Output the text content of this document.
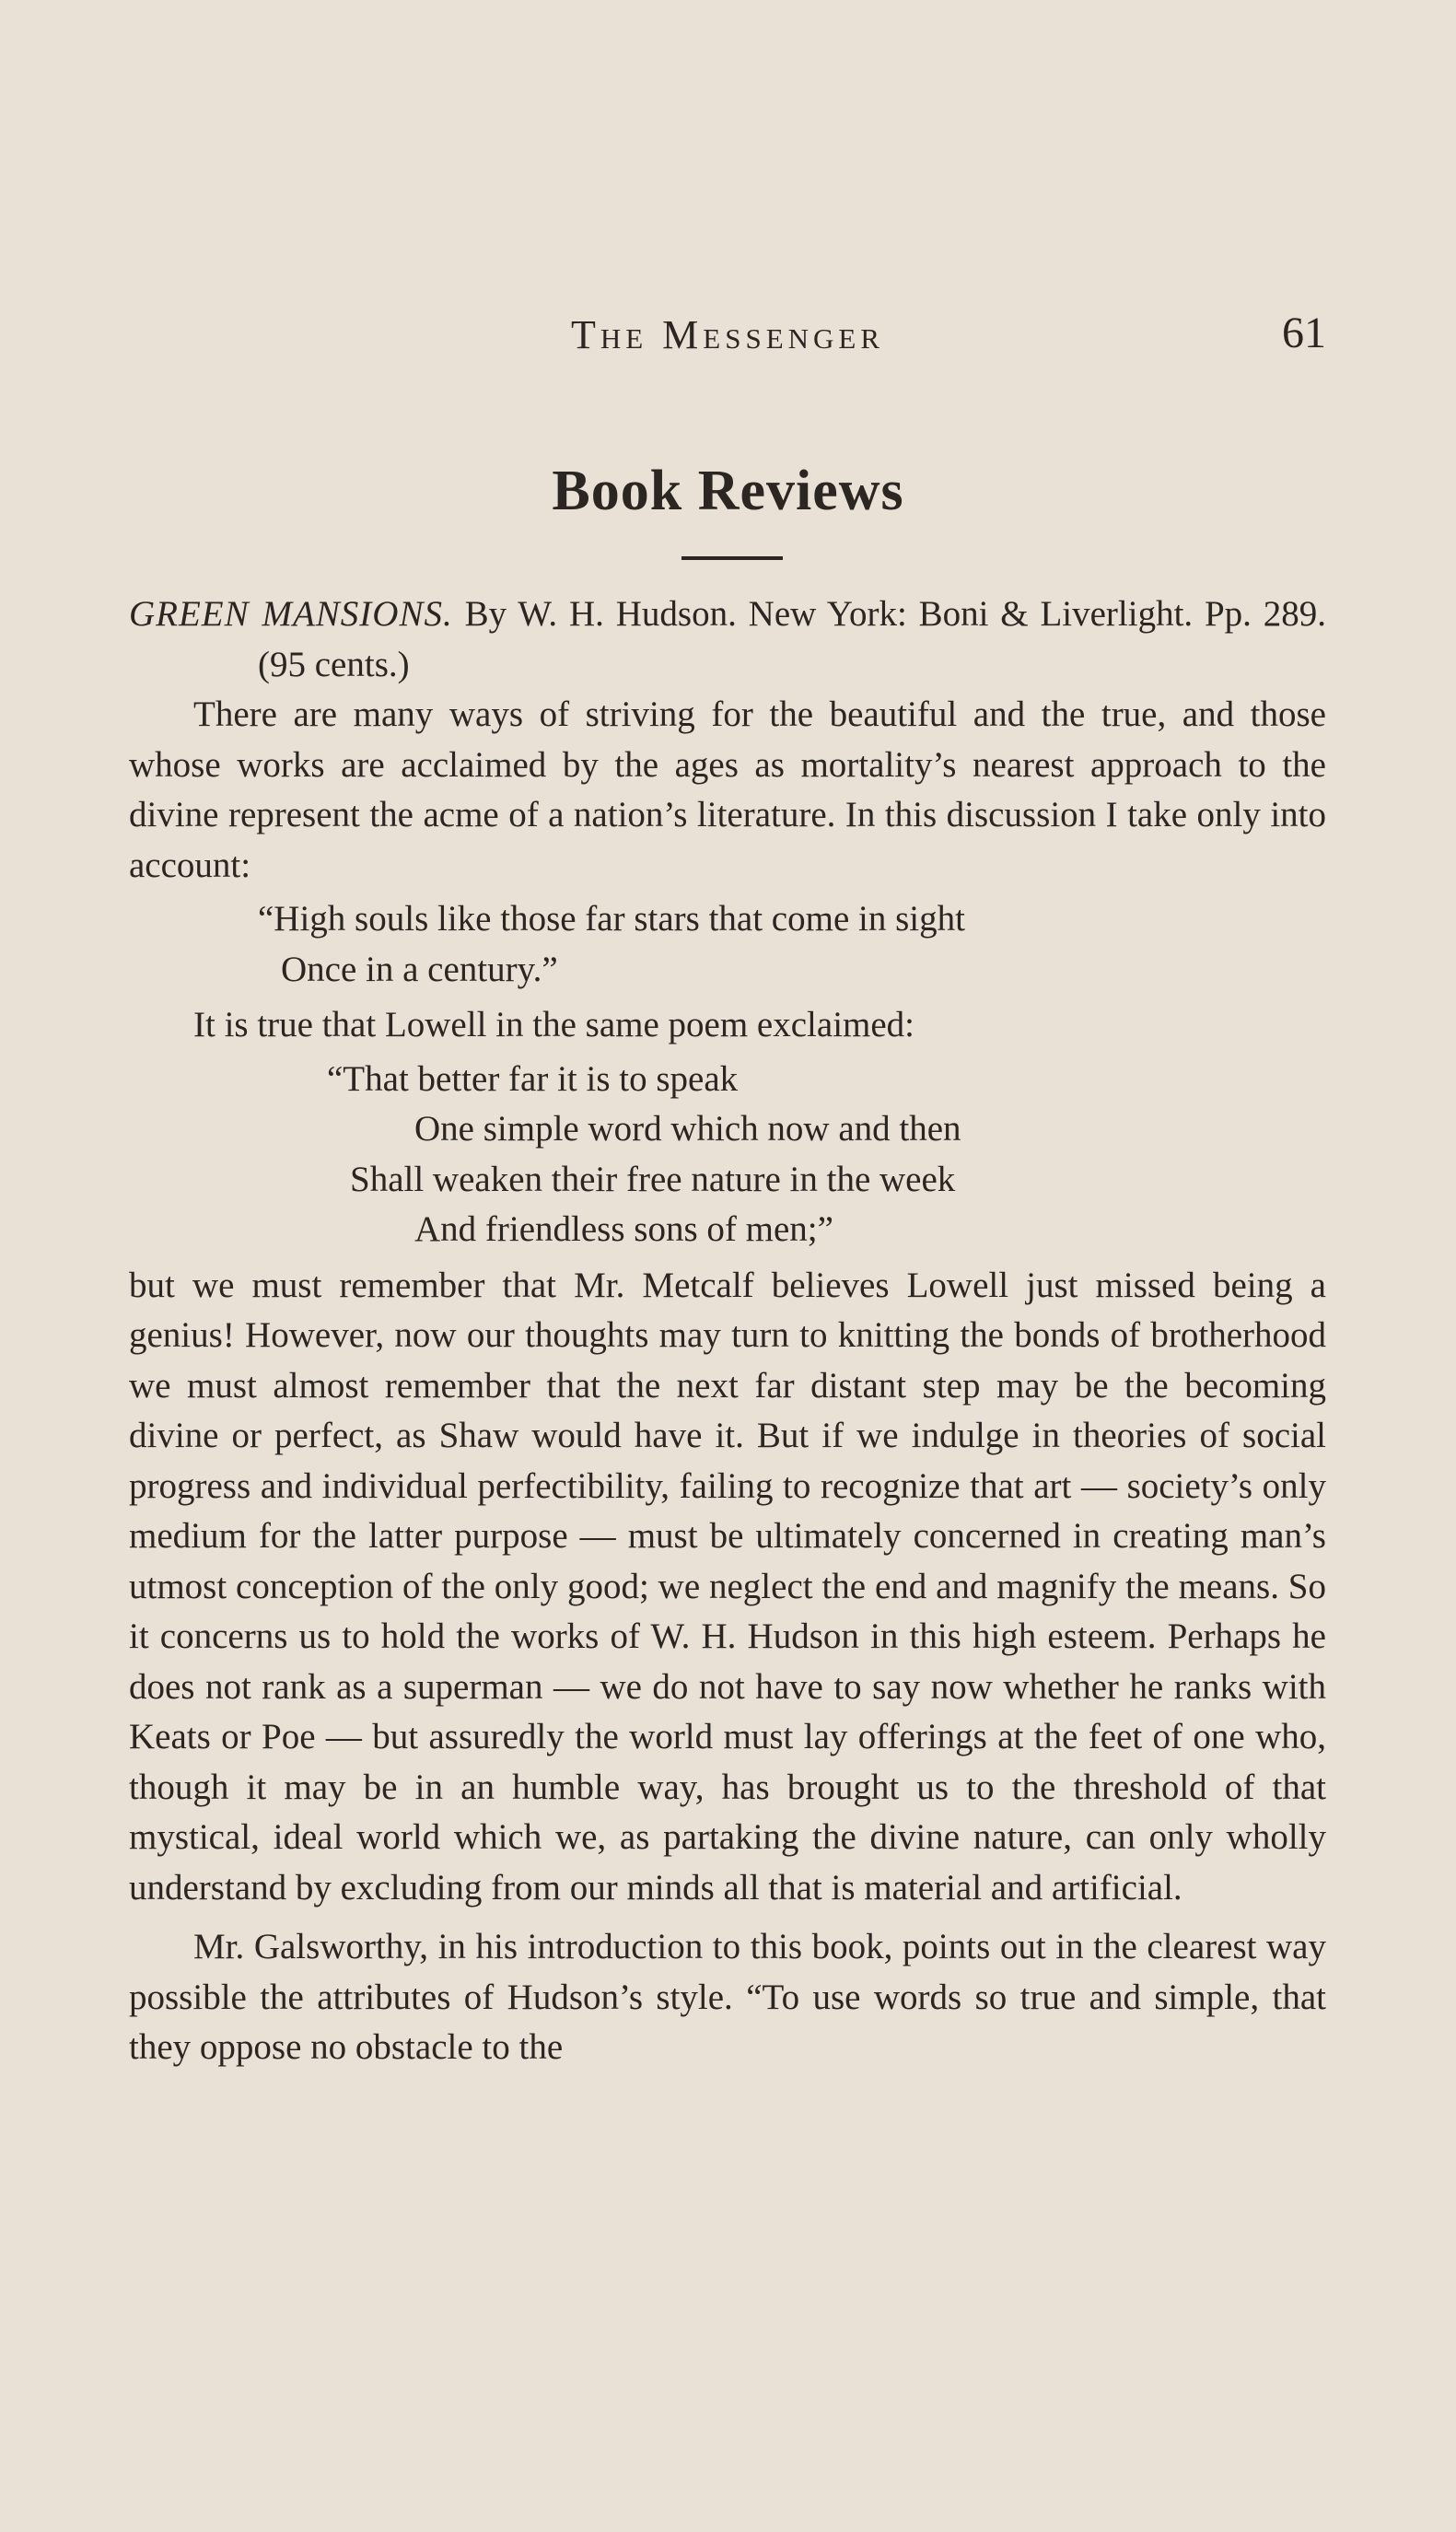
The Messenger	61
Book Reviews
GREEN MANSIONS. By W. H. Hudson. New York: Boni & Liverlight. Pp. 289. (95 cents.)

There are many ways of striving for the beautiful and the true, and those whose works are acclaimed by the ages as mortality’s nearest approach to the divine represent the acme of a nation’s literature. In this discussion I take only into account:

“High souls like those far stars that come in sight
Once in a century.”

It is true that Lowell in the same poem exclaimed:

“That better far it is to speak
One simple word which now and then
Shall weaken their free nature in the week
And friendless sons of men;”

but we must remember that Mr. Metcalf believes Lowell just missed being a genius! However, now our thoughts may turn to knitting the bonds of brotherhood we must almost remember that the next far distant step may be the becoming divine or perfect, as Shaw would have it. But if we indulge in theories of social progress and individual perfectibility, failing to recognize that art — society’s only medium for the latter purpose — must be ultimately concerned in creating man’s utmost conception of the only good; we neglect the end and magnify the means. So it concerns us to hold the works of W. H. Hudson in this high esteem. Perhaps he does not rank as a superman — we do not have to say now whether he ranks with Keats or Poe — but assuredly the world must lay offerings at the feet of one who, though it may be in an humble way, has brought us to the threshold of that mystical, ideal world which we, as partaking the divine nature, can only wholly understand by excluding from our minds all that is material and artificial.

Mr. Galsworthy, in his introduction to this book, points out in the clearest way possible the attributes of Hudson’s style. “To use words so true and simple, that they oppose no obstacle to the
